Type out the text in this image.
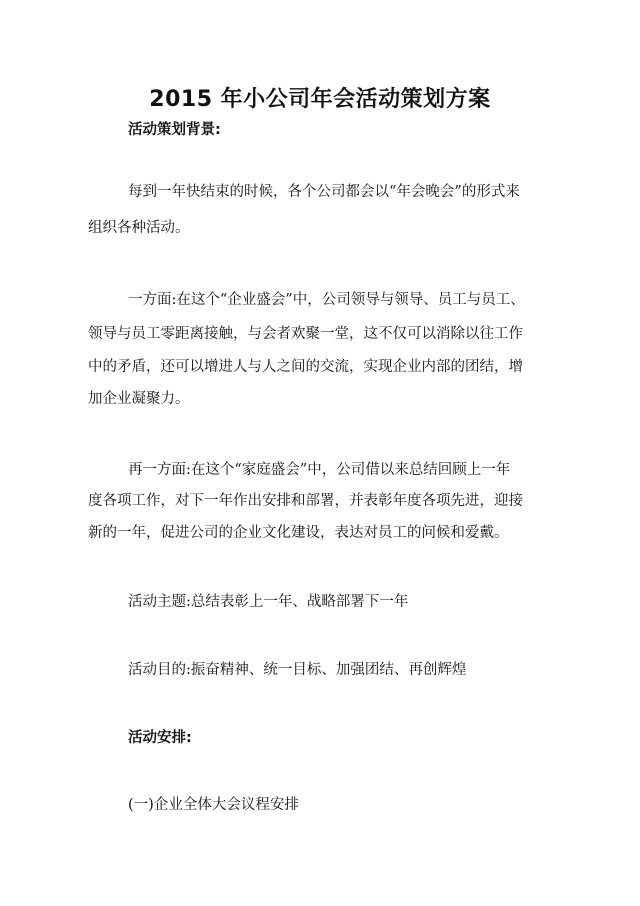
2015 年小公司年会活动策划方案

活动策划背景:

每到一年快结束的时候，各个公司都会以“年会晚会”的形式来

组织各种活动。

一方面:在这个“企业盛会”中，公司领导与领导、员工与员工、

领导与员工零距离接触，与会者欢聚一堂，这不仅可以消除以往工作

中的矛盾，还可以增进人与人之间的交流，实现企业内部的团结，增

加企业凝聚力。

再一方面:在这个“家庭盛会”中，公司借以来总结回顾上一年

度各项工作，对下一年作出安排和部署，并表彰年度各项先进，迎接

新的一年，促进公司的企业文化建设，表达对员工的问候和爱戴。

活动主题:总结表彰上一年、战略部署下一年

活动目的:振奋精神、统一目标、加强团结、再创辉煌

活动安排:

(一)企业全体大会议程安排
